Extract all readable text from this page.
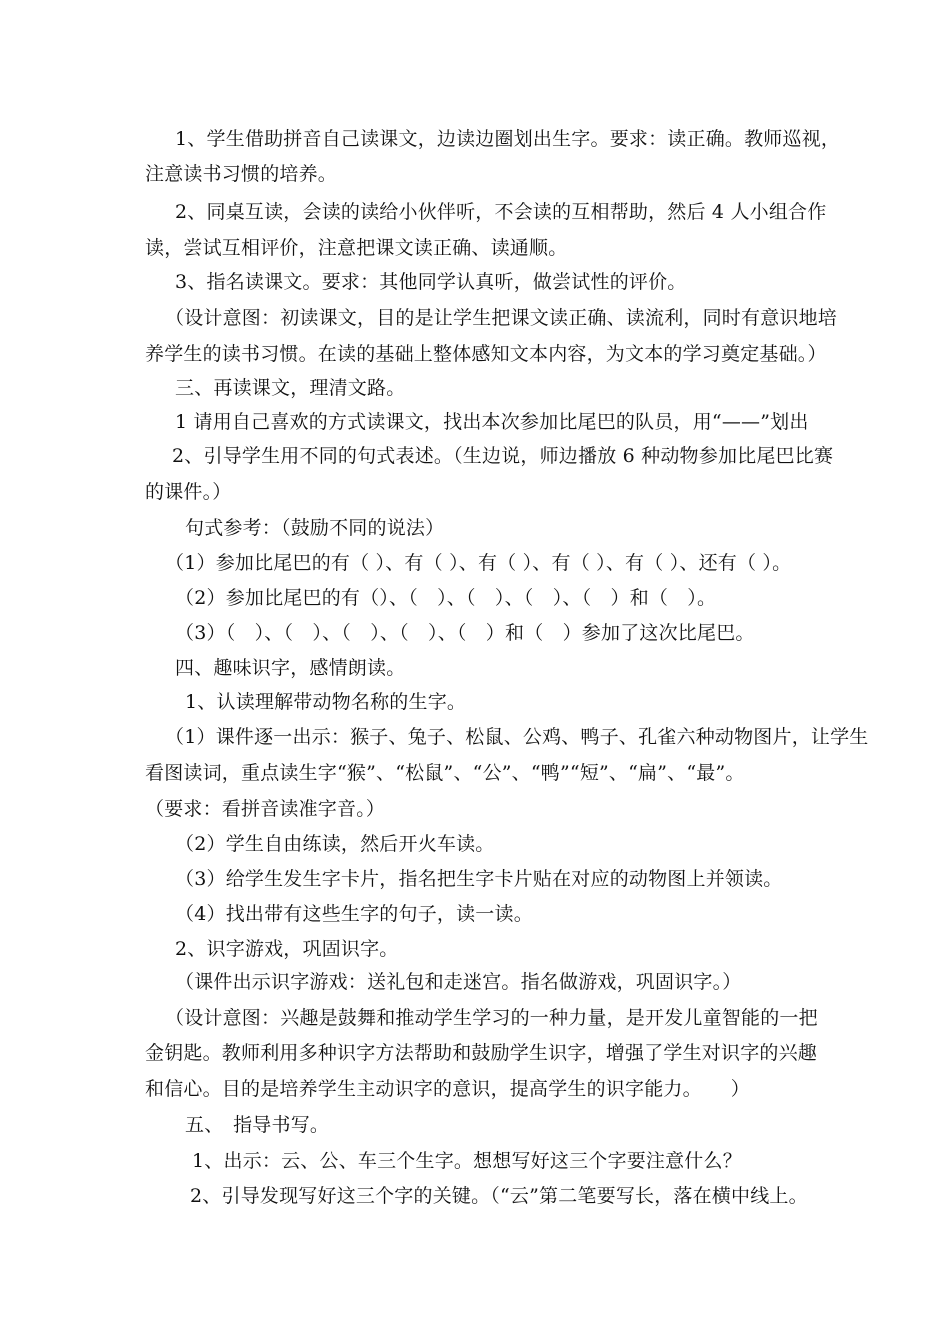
1、学生借助拼音自己读课文，边读边圈划出生字。要求：读正确。教师巡视，
注意读书习惯的培养。
2、同桌互读，会读的读给小伙伴听，不会读的互相帮助，然后 4 人小组合作
读，尝试互相评价，注意把课文读正确、读通顺。
3、指名读课文。要求：其他同学认真听，做尝试性的评价。
（设计意图：初读课文，目的是让学生把课文读正确、读流利，同时有意识地培
养学生的读书习惯。在读的基础上整体感知文本内容，为文本的学习奠定基础。）
三、再读课文，理清文路。
1 请用自己喜欢的方式读课文，找出本次参加比尾巴的队员，用“——”划出
2、引导学生用不同的句式表述。（生边说，师边播放 6 种动物参加比尾巴比赛
的课件。）
句式参考：（鼓励不同的说法）
（1）参加比尾巴的有（ ）、有（ ）、有（ ）、有（ ）、有（ ）、还有（ ）。
（2）参加比尾巴的有（）、（　）、（　）、（　）、（　）和（　）。
（3）（　）、（　）、（　）、（　）、（　）和（　）参加了这次比尾巴。
四、趣味识字，感情朗读。
1、认读理解带动物名称的生字。
（1）课件逐一出示：猴子、兔子、松鼠、公鸡、鸭子、孔雀六种动物图片，让学生
看图读词，重点读生字“猴”、“松鼠”、“公”、“鸭”“短”、“扁”、“最”。
（要求：看拼音读准字音。）
（2）学生自由练读，然后开火车读。
（3）给学生发生字卡片，指名把生字卡片贴在对应的动物图上并领读。
（4）找出带有这些生字的句子，读一读。
2、识字游戏，巩固识字。
（课件出示识字游戏：送礼包和走迷宫。指名做游戏，巩固识字。）
（设计意图：兴趣是鼓舞和推动学生学习的一种力量，是开发儿童智能的一把
金钥匙。教师利用多种识字方法帮助和鼓励学生识字，增强了学生对识字的兴趣
和信心。目的是培养学生主动识字的意识，提高学生的识字能力。　　）
五、　指导书写。
1、出示：云、公、车三个生字。想想写好这三个字要注意什么？
2、引导发现写好这三个字的关键。（“云”第二笔要写长，落在横中线上。
